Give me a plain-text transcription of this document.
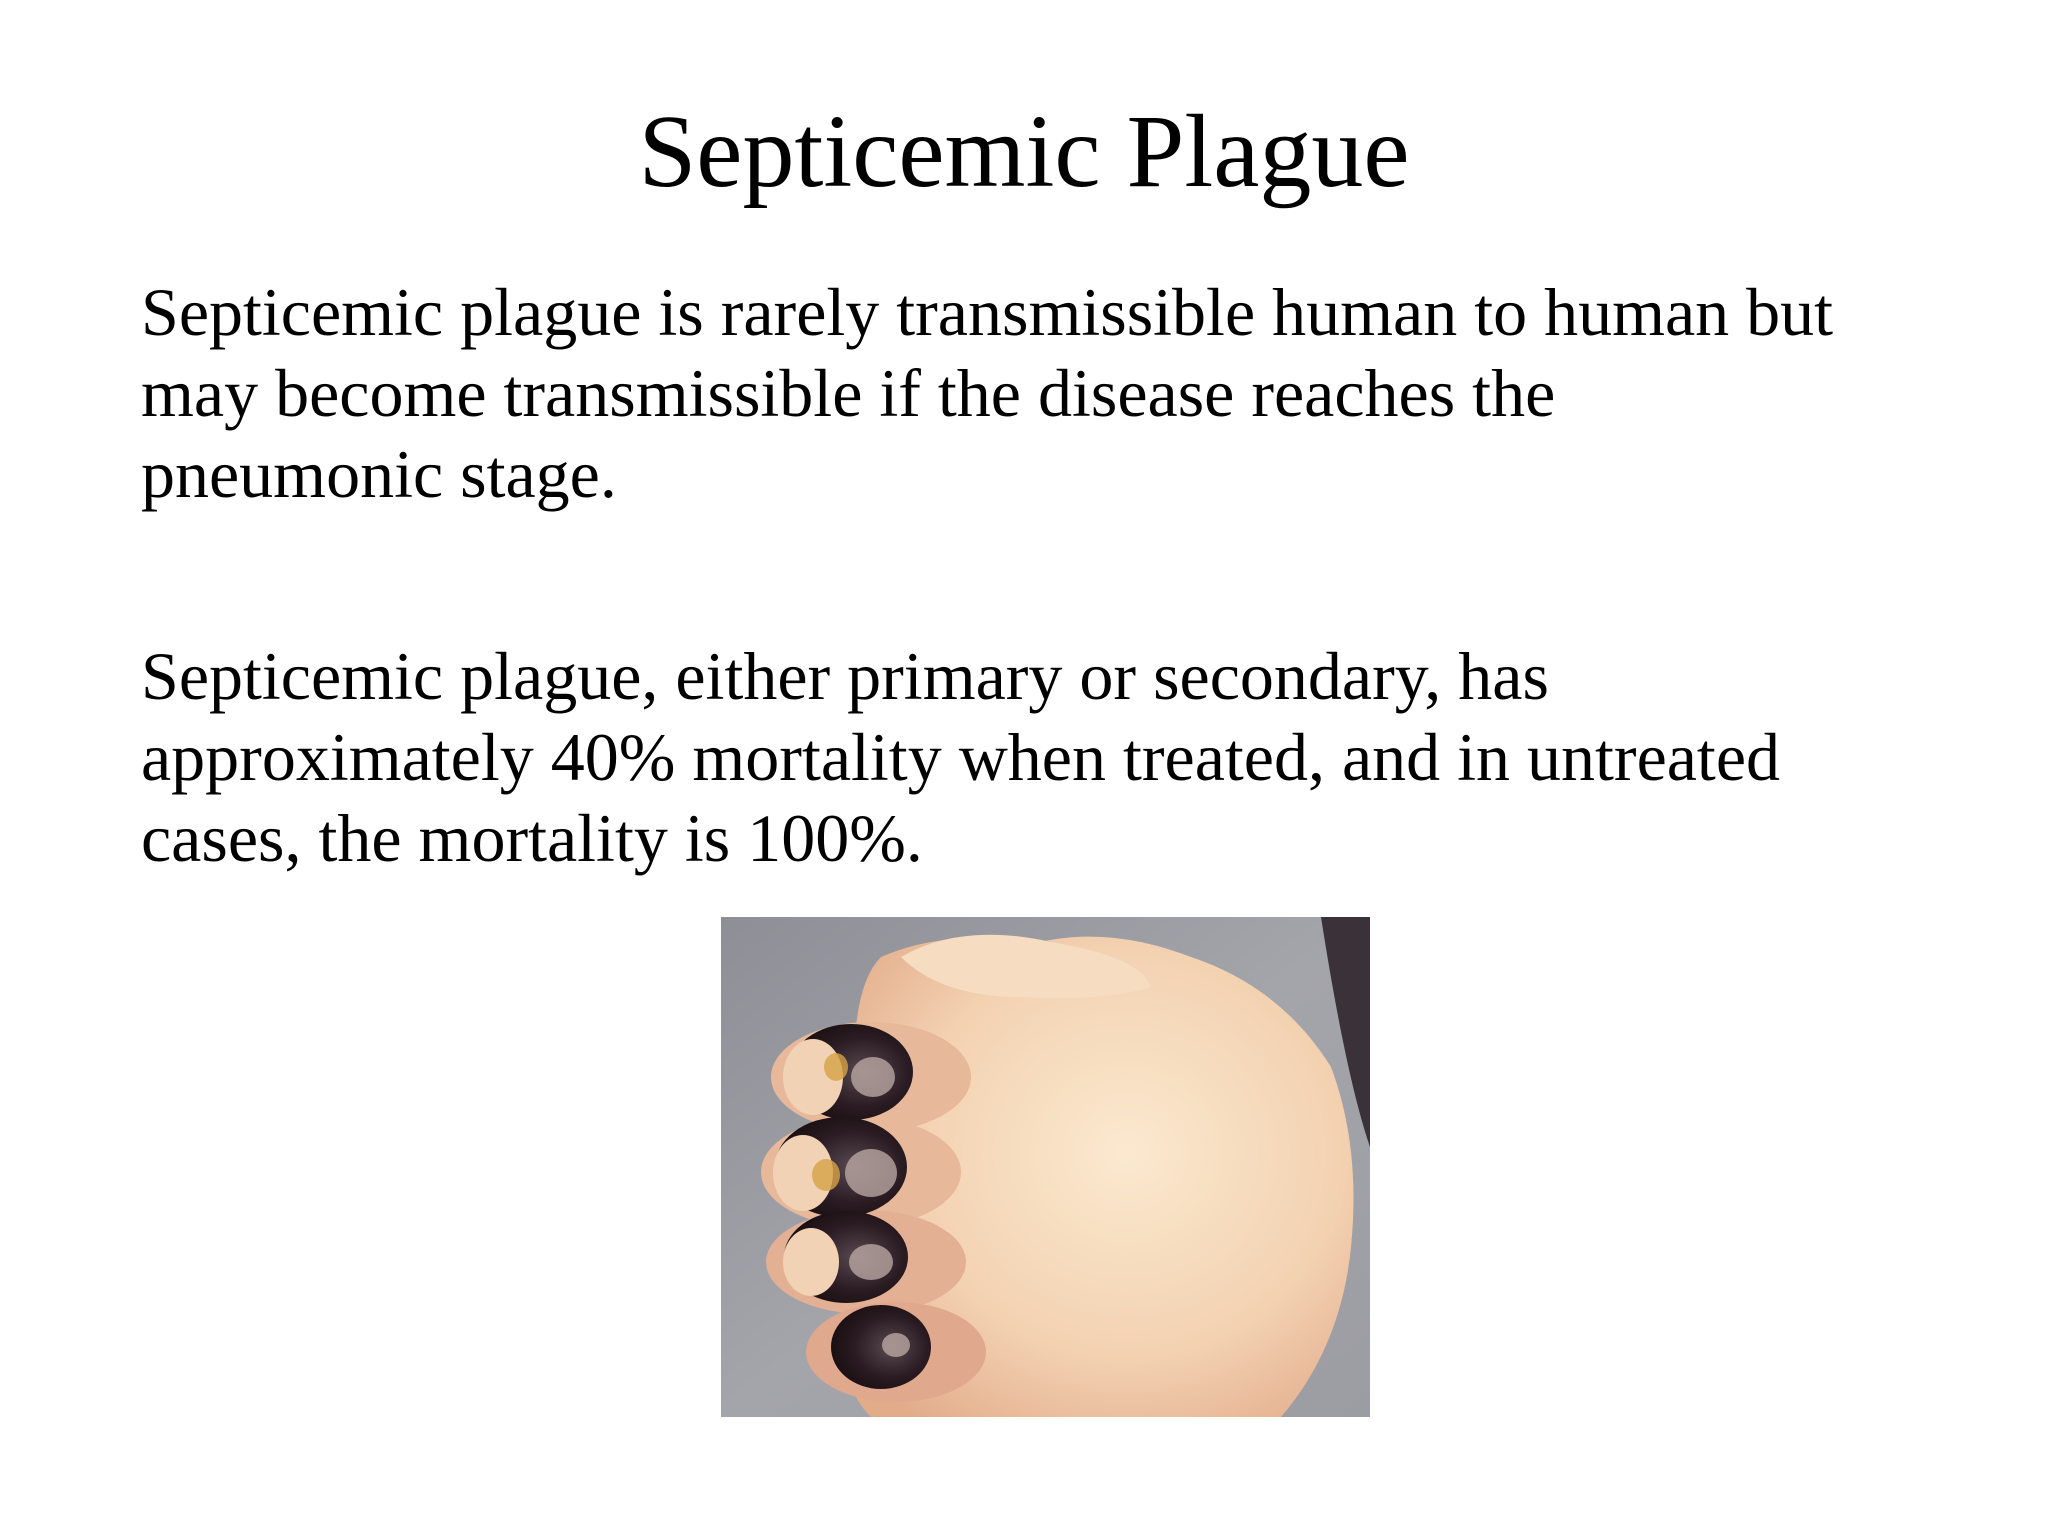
Septicemic Plague

Septicemic plague is rarely transmissible human to human but
may become transmissible if the disease reaches the
pneumonic stage.

Septicemic plague, either primary or secondary, has
approximately 40% mortality when treated, and in untreated
cases, the mortality is 100%.
